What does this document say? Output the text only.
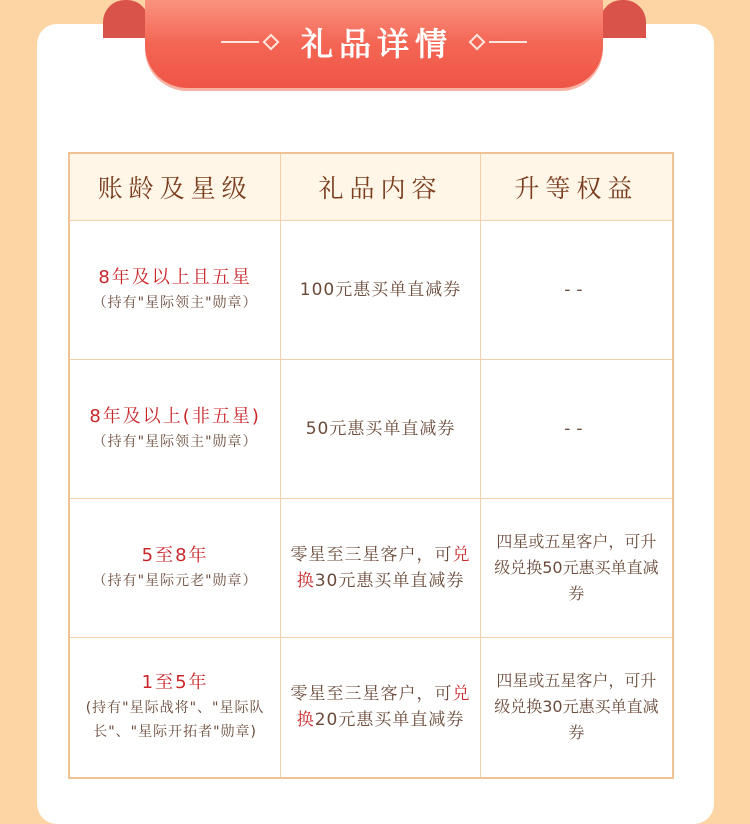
礼品详情
账龄及星级	礼品内容	升等权益

8年及以上且五星
（持有"星际领主"勋章）	100元惠买单直减券	--

8年及以上(非五星)
（持有"星际领主"勋章）	50元惠买单直减券	--

5至8年
（持有"星际元老"勋章）	零星至三星客户，可兑换30元惠买单直减券	四星或五星客户，可升级兑换50元惠买单直减券

1至5年
(持有"星际战将"、"星际队长"、"星际开拓者"勋章)	零星至三星客户，可兑换20元惠买单直减券	四星或五星客户，可升级兑换30元惠买单直减券
